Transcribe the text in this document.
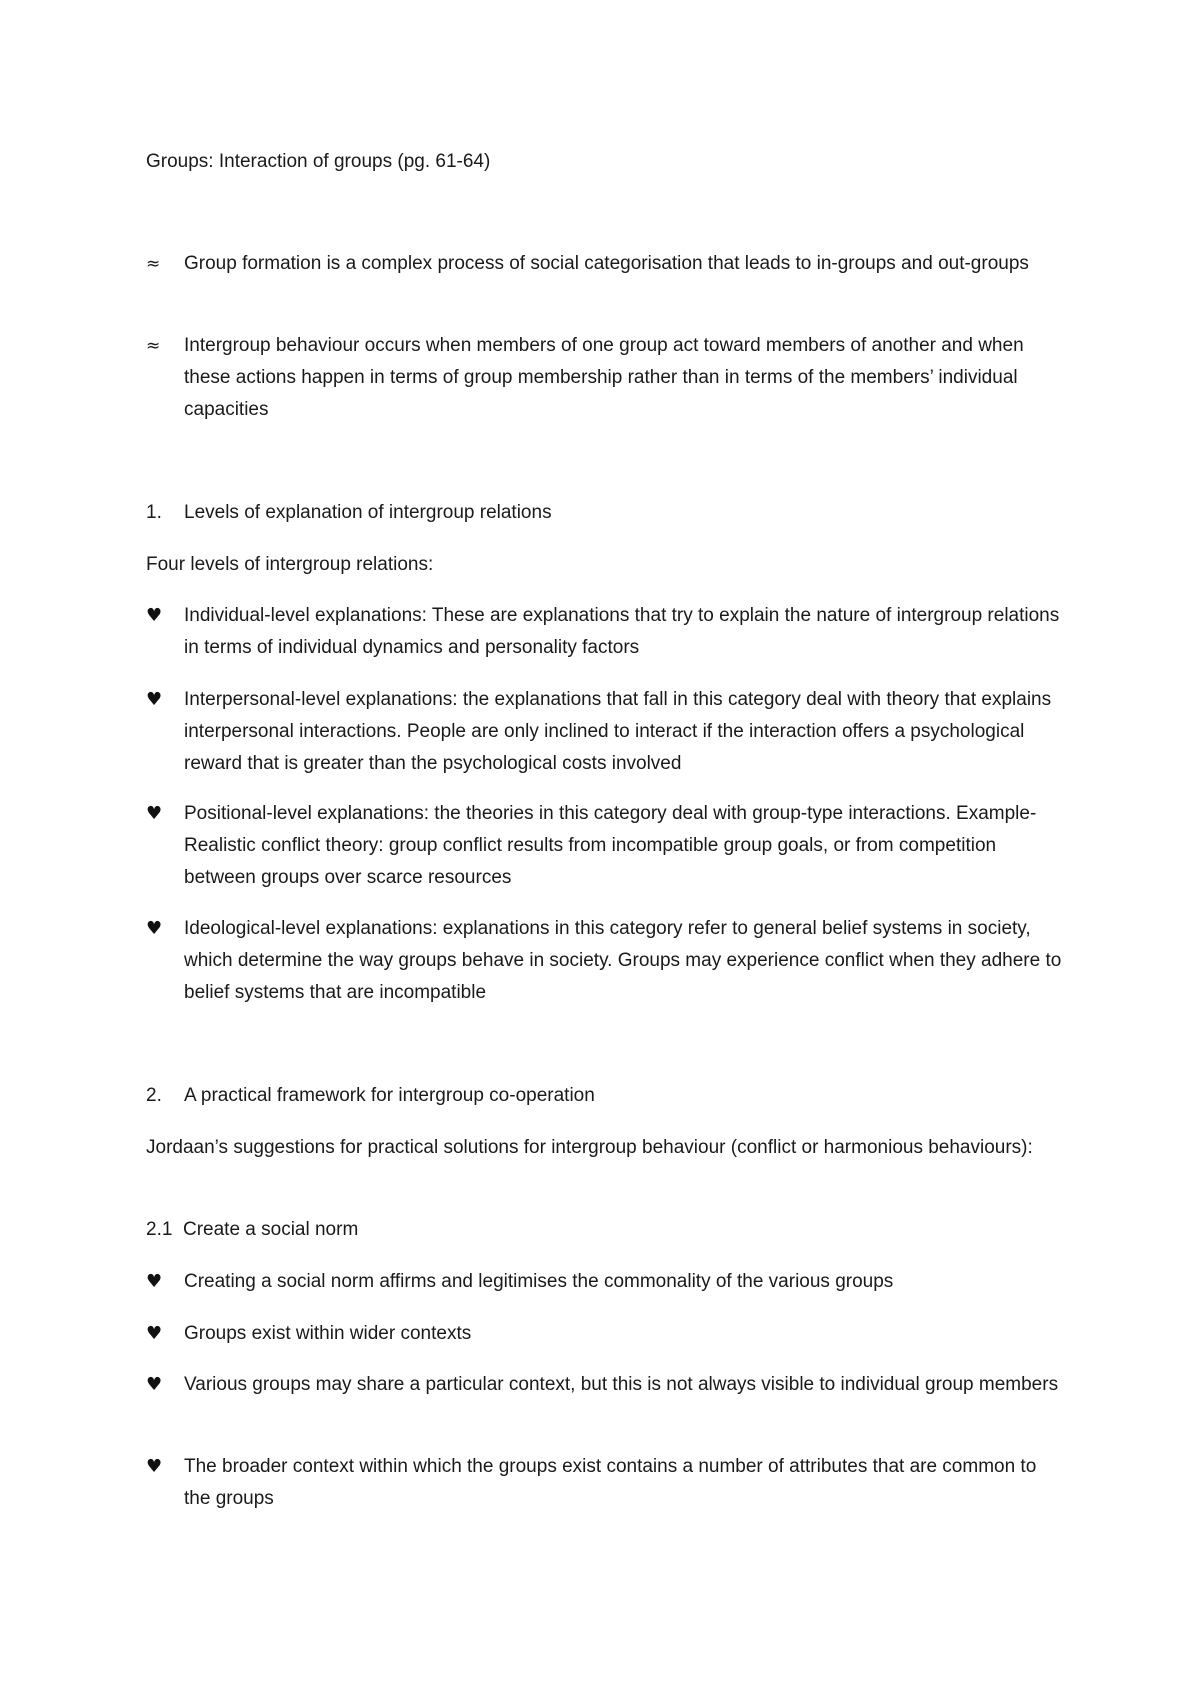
Groups: Interaction of groups (pg. 61-64)
≈	Group formation is a complex process of social categorisation that leads to in-groups and out-groups
≈	Intergroup behaviour occurs when members of one group act toward members of another and when these actions happen in terms of group membership rather than in terms of the members’ individual capacities
1.	Levels of explanation of intergroup relations
Four levels of intergroup relations:
♥	Individual-level explanations: These are explanations that try to explain the nature of intergroup relations in terms of individual dynamics and personality factors
♥	Interpersonal-level explanations: the explanations that fall in this category deal with theory that explains interpersonal interactions. People are only inclined to interact if the interaction offers a psychological reward that is greater than the psychological costs involved
♥	Positional-level explanations: the theories in this category deal with group-type interactions. Example-Realistic conflict theory: group conflict results from incompatible group goals, or from competition between groups over scarce resources
♥	Ideological-level explanations: explanations in this category refer to general belief systems in society, which determine the way groups behave in society. Groups may experience conflict when they adhere to belief systems that are incompatible
2.	A practical framework for intergroup co-operation
Jordaan’s suggestions for practical solutions for intergroup behaviour (conflict or harmonious behaviours):
2.1 Create a social norm
♥	Creating a social norm affirms and legitimises the commonality of the various groups
♥	Groups exist within wider contexts
♥	Various groups may share a particular context, but this is not always visible to individual group members
♥	The broader context within which the groups exist contains a number of attributes that are common to the groups
